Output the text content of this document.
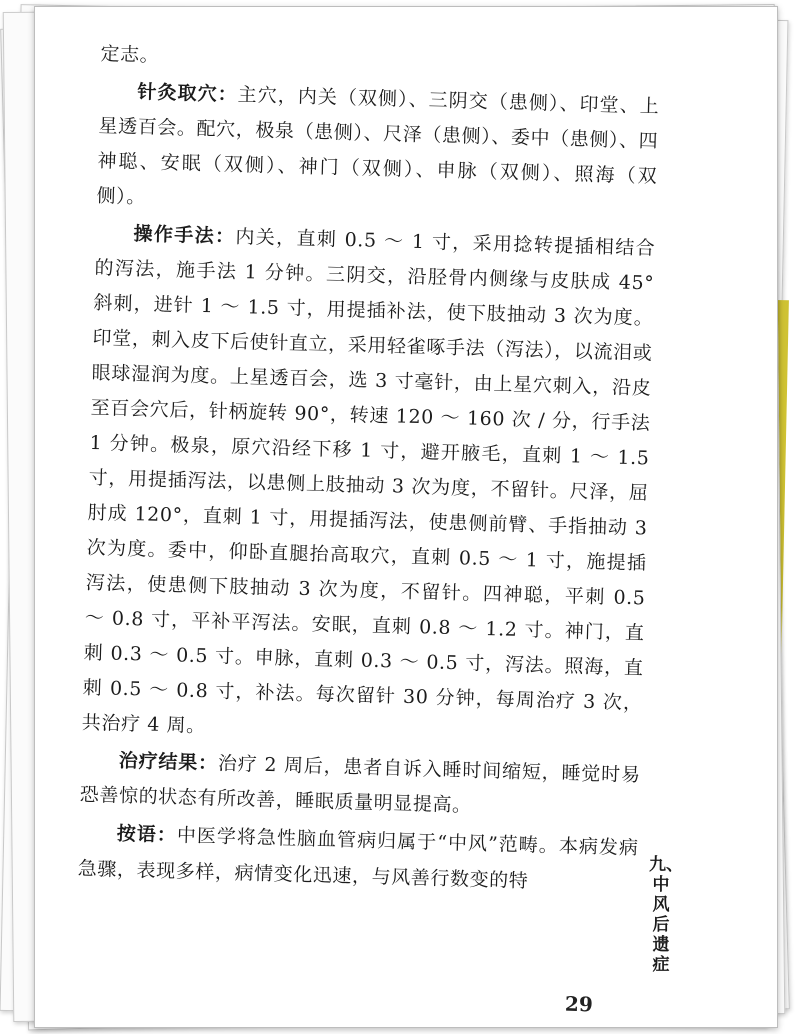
定志。

针灸取穴：主穴，内关（双侧）、三阴交（患侧）、印堂、上星透百会。配穴，极泉（患侧）、尺泽（患侧）、委中（患侧）、四神聪、安眠（双侧）、神门（双侧）、申脉（双侧）、照海（双侧）。

操作手法：内关，直刺 0.5 ～ 1 寸，采用捻转提插相结合的泻法，施手法 1 分钟。三阴交，沿胫骨内侧缘与皮肤成 45° 斜刺，进针 1 ～ 1.5 寸，用提插补法，使下肢抽动 3 次为度。印堂，刺入皮下后使针直立，采用轻雀啄手法（泻法），以流泪或眼球湿润为度。上星透百会，选 3 寸毫针，由上星穴刺入，沿皮至百会穴后，针柄旋转 90°，转速 120 ～ 160 次 / 分，行手法 1 分钟。极泉，原穴沿经下移 1 寸，避开腋毛，直刺 1 ～ 1.5 寸，用提插泻法，以患侧上肢抽动 3 次为度，不留针。尺泽，屈肘成 120°，直刺 1 寸，用提插泻法，使患侧前臂、手指抽动 3 次为度。委中，仰卧直腿抬高取穴，直刺 0.5 ～ 1 寸，施提插泻法，使患侧下肢抽动 3 次为度，不留针。四神聪，平刺 0.5 ～ 0.8 寸，平补平泻法。安眠，直刺 0.8 ～ 1.2 寸。神门，直刺 0.3 ～ 0.5 寸。申脉，直刺 0.3 ～ 0.5 寸，泻法。照海，直刺 0.5 ～ 0.8 寸，补法。每次留针 30 分钟，每周治疗 3 次，共治疗 4 周。

治疗结果：治疗 2 周后，患者自诉入睡时间缩短，睡觉时易恐善惊的状态有所改善，睡眠质量明显提高。

按语：中医学将急性脑血管病归属于“中风”范畴。本病发病急骤，表现多样，病情变化迅速，与风善行数变的特	九、中风后遗症
29
